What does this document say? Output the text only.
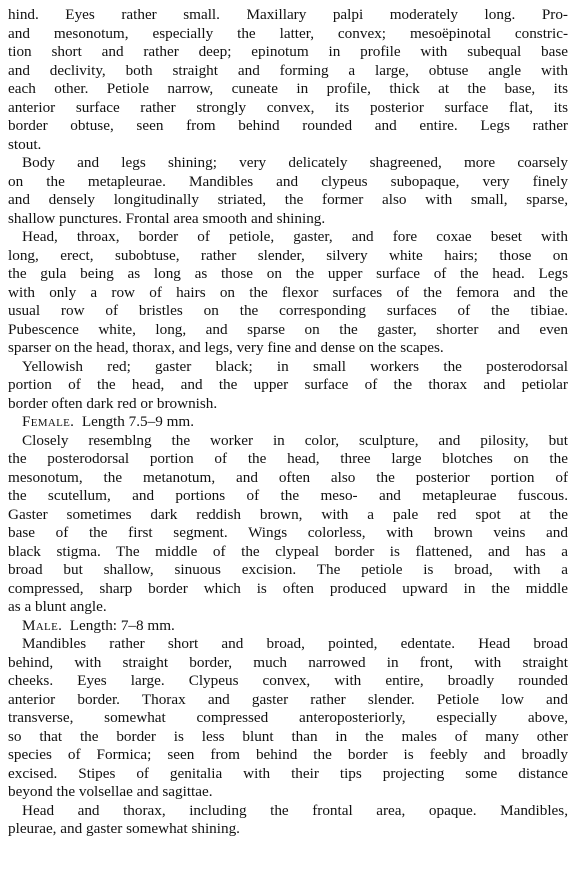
hind. Eyes rather small. Maxillary palpi moderately long. Pro-
and mesonotum, especially the latter, convex; mesoëpinotal constric-
tion short and rather deep; epinotum in profile with subequal base
and declivity, both straight and forming a large, obtuse angle with
each other. Petiole narrow, cuneate in profile, thick at the base, its
anterior surface rather strongly convex, its posterior surface flat, its
border obtuse, seen from behind rounded and entire. Legs rather
stout.
Body and legs shining; very delicately shagreened, more coarsely
on the metapleurae. Mandibles and clypeus subopaque, very finely
and densely longitudinally striated, the former also with small, sparse,
shallow punctures. Frontal area smooth and shining.
Head, throax, border of petiole, gaster, and fore coxae beset with
long, erect, subobtuse, rather slender, silvery white hairs; those on
the gula being as long as those on the upper surface of the head. Legs
with only a row of hairs on the flexor surfaces of the femora and the
usual row of bristles on the corresponding surfaces of the tibiae.
Pubescence white, long, and sparse on the gaster, shorter and even
sparser on the head, thorax, and legs, very fine and dense on the scapes.
Yellowish red; gaster black; in small workers the posterodorsal
portion of the head, and the upper surface of the thorax and petiolar
border often dark red or brownish.
Female.  Length 7.5–9 mm.
Closely resemblng the worker in color, sculpture, and pilosity, but
the posterodorsal portion of the head, three large blotches on the
mesonotum, the metanotum, and often also the posterior portion of
the scutellum, and portions of the meso- and metapleurae fuscous.
Gaster sometimes dark reddish brown, with a pale red spot at the
base of the first segment. Wings colorless, with brown veins and
black stigma. The middle of the clypeal border is flattened, and has a
broad but shallow, sinuous excision. The petiole is broad, with a
compressed, sharp border which is often produced upward in the middle
as a blunt angle.
Male.  Length: 7–8 mm.
Mandibles rather short and broad, pointed, edentate. Head broad
behind, with straight border, much narrowed in front, with straight
cheeks. Eyes large. Clypeus convex, with entire, broadly rounded
anterior border. Thorax and gaster rather slender. Petiole low and
transverse, somewhat compressed anteroposteriorly, especially above,
so that the border is less blunt than in the males of many other
species of Formica; seen from behind the border is feebly and broadly
excised. Stipes of genitalia with their tips projecting some distance
beyond the volsellae and sagittae.
Head and thorax, including the frontal area, opaque. Mandibles,
pleurae, and gaster somewhat shining.
